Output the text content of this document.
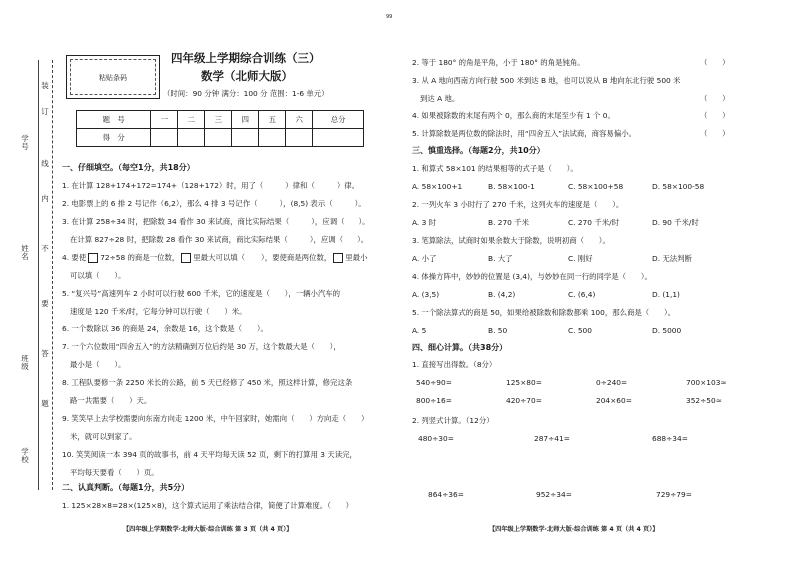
99
装
订
线
内
不
要
答
题
学号
姓名
班级
学校
粘贴条码
四年级上学期综合训练（三）
数学（北师大版）
（时间：90 分钟 满分：100 分 范围：1-6 单元）
题　号	一	二	三	四	五	六	总分
得　分							
一、仔细填空。（每空1分，共18分）
1. 在计算 128+174+172=174+（128+172）时，用了（	）律和（	）律。
2. 电影票上的 6 排 2 号记作（6,2），那么 4 排 3 号记作（	），(8,5) 表示（	）。
3. 在计算 258÷34 时，把除数 34 看作 30 来试商，商比实际结果（	），应调（ ）。
在计算 827÷28 时，把除数 28 看作 30 来试商，商比实际结果（	），应调（ ）。
4. 要使 72÷58 的商是一位数， 里最大可以填（ ），要使商是两位数， 里最小
可以填（　　）。
5. “复兴号”高速列车 2 小时可以行驶 600 千米，它的速度是（　　），一辆小汽车的
速度是 120 千米/时，它每分钟可以行驶（　　）米。
6. 一个数除以 36 的商是 24，余数是 16，这个数是（　　）。
7. 一个六位数用“四舍五入”的方法精确到万位后约是 30 万，这个数最大是（　　），
最小是（　　）。
8. 工程队要修一条 2250 米长的公路，前 5 天已经修了 450 米，照这样计算，修完这条
路一共需要（　　）天。
9. 笑笑早上去学校需要向东南方向走 1200 米，中午回家时，她需向（　　）方向走（　　）
米，就可以到家了。
10. 笑笑阅读一本 394 页的故事书，前 4 天平均每天读 52 页，剩下的打算用 3 天读完，
平均每天要看（　　）页。
二、认真判断。（每题1分，共5分）
1. 125×28×8=28×(125×8)，这个算式运用了乘法结合律，简便了计算难度。（　　）
【四年级上学期数学·北师大版·综合训练 第 3 页（共 4 页）】
2. 等于 180° 的角是平角，小于 180° 的角是钝角。	（　　）
3. 从 A 地向西南方向行驶 500 米到达 B 地，也可以说从 B 地向东北行驶 500 米
到达 A 地。	（　　）
4. 如果被除数的末尾有两个 0，那么商的末尾至少有 1 个 0。	（　　）
5. 计算除数是两位数的除法时，用“四舍五入”法试商，商容易偏小。	（　　）
三、慎重选择。（每题2分，共10分）
1. 和算式 58×101 的结果相等的式子是（　　）。
A. 58×100+1	B. 58×100-1	C. 58×100+58	D. 58×100-58
2. 一列火车 3 小时行了 270 千米，这列火车的速度是（　　）。
A. 3 时	B. 270 千米	C. 270 千米/时	D. 90 千米/时
3. 笔算除法，试商时如果余数大于除数，说明初商（　　）。
A. 小了	B. 大了	C. 刚好	D. 无法判断
4. 体操方阵中，妙妙的位置是 (3,4)，与妙妙在同一行的同学是（　　）。
A. (3,5)	B. (4,2)	C. (6,4)	D. (1,1)
5. 一个除法算式的商是 50，如果给被除数和除数都乘 100，那么商是（　　）。
A. 5	B. 50	C. 500	D. 5000
四、细心计算。（共38分）
1. 直接写出得数。（8分）
540÷90=	125×80=	0÷240=	700×103≈
800÷16=	420÷70=	204×60=	352÷50≈
2. 列竖式计算。（12分）
480÷30=	287÷41=	688÷34=
864÷36=	952÷34=	729÷79=
【四年级上学期数学·北师大版·综合训练 第 4 页（共 4 页）】
